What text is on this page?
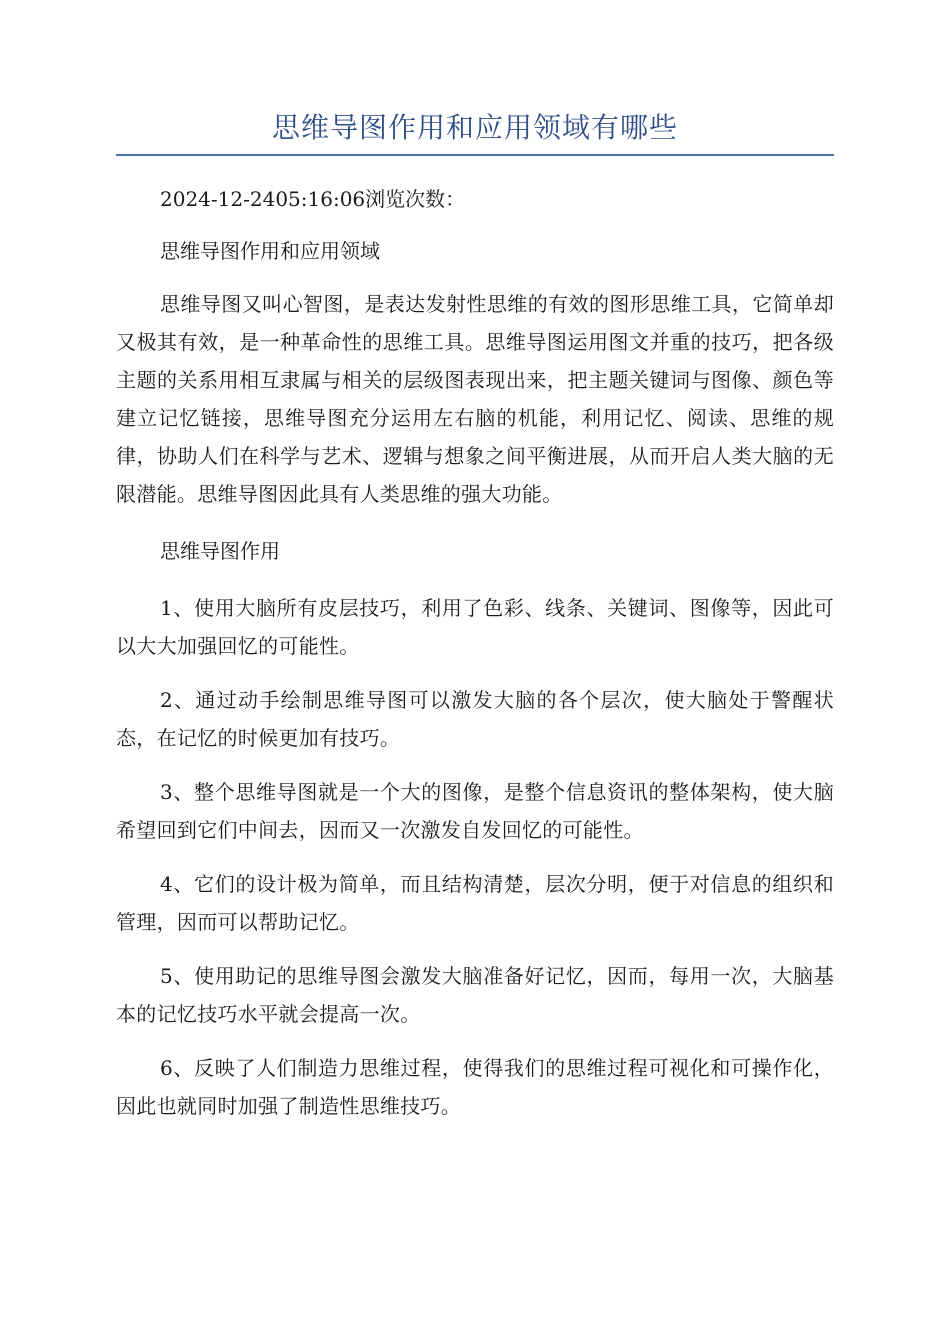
思维导图作用和应用领域有哪些
2024-12-2405:16:06浏览次数：
思维导图作用和应用领域

思维导图又叫心智图，是表达发射性思维的有效的图形思维工具，它简单却又极其有效，是一种革命性的思维工具。思维导图运用图文并重的技巧，把各级主题的关系用相互隶属与相关的层级图表现出来，把主题关键词与图像、颜色等建立记忆链接，思维导图充分运用左右脑的机能，利用记忆、阅读、思维的规律，协助人们在科学与艺术、逻辑与想象之间平衡进展，从而开启人类大脑的无限潜能。思维导图因此具有人类思维的强大功能。

思维导图作用

1、使用大脑所有皮层技巧，利用了色彩、线条、关键词、图像等，因此可以大大加强回忆的可能性。

2、通过动手绘制思维导图可以激发大脑的各个层次，使大脑处于警醒状态，在记忆的时候更加有技巧。

3、整个思维导图就是一个大的图像，是整个信息资讯的整体架构，使大脑希望回到它们中间去，因而又一次激发自发回忆的可能性。

4、它们的设计极为简单，而且结构清楚，层次分明，便于对信息的组织和管理，因而可以帮助记忆。

5、使用助记的思维导图会激发大脑准备好记忆，因而，每用一次，大脑基本的记忆技巧水平就会提高一次。

6、反映了人们制造力思维过程，使得我们的思维过程可视化和可操作化，因此也就同时加强了制造性思维技巧。
